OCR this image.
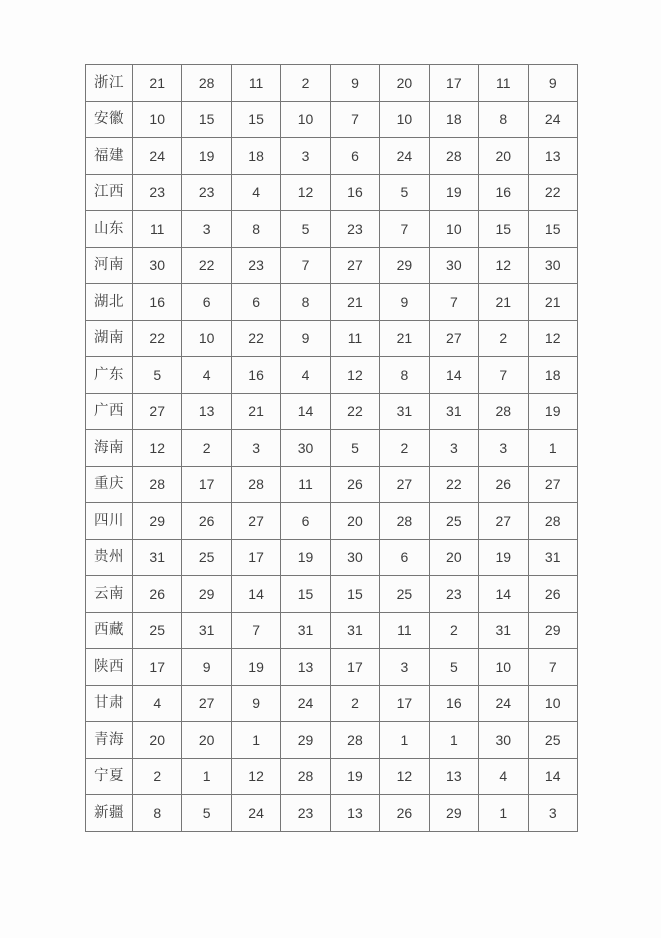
浙江	21	28	11	2	9	20	17	11	9
安徽	10	15	15	10	7	10	18	8	24
福建	24	19	18	3	6	24	28	20	13
江西	23	23	4	12	16	5	19	16	22
山东	11	3	8	5	23	7	10	15	15
河南	30	22	23	7	27	29	30	12	30
湖北	16	6	6	8	21	9	7	21	21
湖南	22	10	22	9	11	21	27	2	12
广东	5	4	16	4	12	8	14	7	18
广西	27	13	21	14	22	31	31	28	19
海南	12	2	3	30	5	2	3	3	1
重庆	28	17	28	11	26	27	22	26	27
四川	29	26	27	6	20	28	25	27	28
贵州	31	25	17	19	30	6	20	19	31
云南	26	29	14	15	15	25	23	14	26
西藏	25	31	7	31	31	11	2	31	29
陕西	17	9	19	13	17	3	5	10	7
甘肃	4	27	9	24	2	17	16	24	10
青海	20	20	1	29	28	1	1	30	25
宁夏	2	1	12	28	19	12	13	4	14
新疆	8	5	24	23	13	26	29	1	3
